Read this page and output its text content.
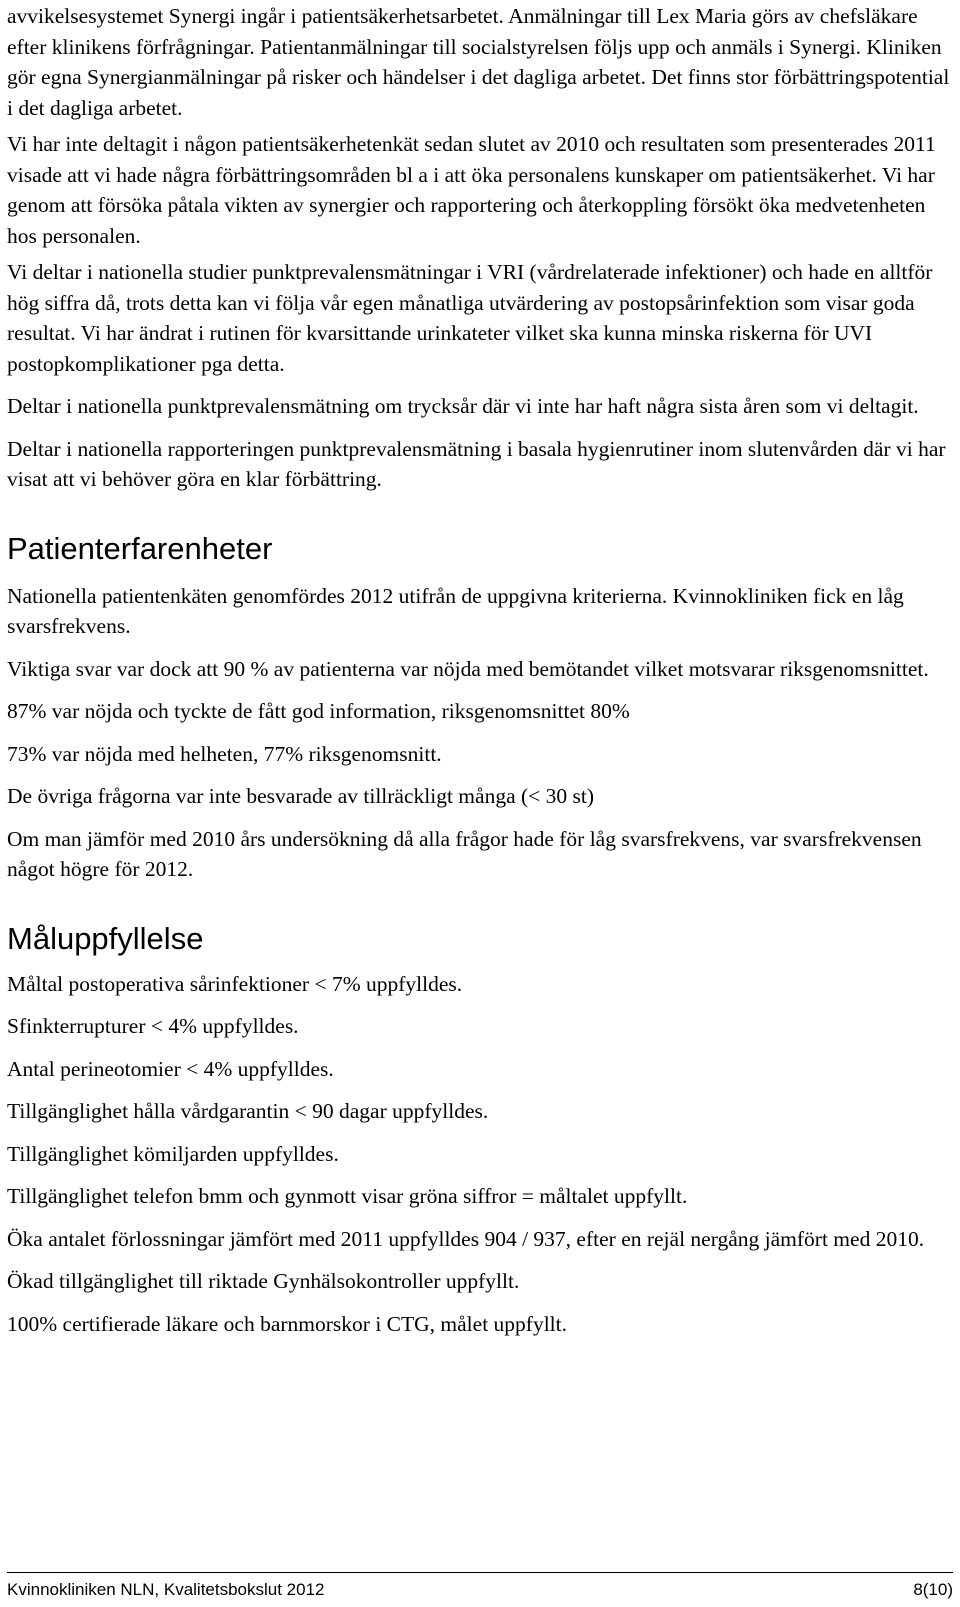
avvikelsesystemet Synergi ingår i patientsäkerhetsarbetet. Anmälningar till Lex Maria görs av chefsläkare efter klinikens förfrågningar. Patientanmälningar till socialstyrelsen följs upp och anmäls i Synergi. Kliniken gör egna Synergianmälningar på risker och händelser i det dagliga arbetet. Det finns stor förbättringspotential i det dagliga arbetet.

Vi har inte deltagit i någon patientsäkerhetenkät sedan slutet av 2010 och resultaten som presenterades 2011 visade att vi hade några förbättringsområden bl a i att öka personalens kunskaper om patientsäkerhet. Vi har genom att försöka påtala vikten av synergier och rapportering och återkoppling försökt öka medvetenheten hos personalen.

Vi deltar i nationella studier punktprevalensmätningar i VRI (vårdrelaterade infektioner) och hade en alltför hög siffra då, trots detta kan vi följa vår egen månatliga utvärdering av postopsårinfektion som visar goda resultat. Vi har ändrat i rutinen för kvarsittande urinkateter vilket ska kunna minska riskerna för UVI postopkomplikationer pga detta.

Deltar i nationella punktprevalensmätning om trycksår där vi inte har haft några sista åren som vi deltagit.

Deltar i nationella rapporteringen punktprevalensmätning i basala hygienrutiner inom slutenvården där vi har visat att vi behöver göra en klar förbättring.

Patienterfarenheter

Nationella patientenkäten genomfördes 2012 utifrån de uppgivna kriterierna. Kvinnokliniken fick en låg svarsfrekvens.

Viktiga svar var dock att 90 % av patienterna var nöjda med bemötandet vilket motsvarar riksgenomsnittet.

87% var nöjda och tyckte de fått god information, riksgenomsnittet 80%

73% var nöjda med helheten, 77% riksgenomsnitt.

De övriga frågorna var inte besvarade av tillräckligt många (< 30 st)

Om man jämför med 2010 års undersökning då alla frågor hade för låg svarsfrekvens, var svarsfrekvensen något högre för 2012.

Måluppfyllelse

Måltal postoperativa sårinfektioner < 7% uppfylldes.

Sfinkterrupturer < 4% uppfylldes.

Antal perineotomier < 4% uppfylldes.

Tillgänglighet hålla vårdgarantin < 90 dagar uppfylldes.

Tillgänglighet kömiljarden uppfylldes.

Tillgänglighet telefon bmm och gynmott visar gröna siffror = måltalet uppfyllt.

Öka antalet förlossningar jämfört med 2011 uppfylldes 904 / 937, efter en rejäl nergång jämfört med 2010.

Ökad tillgänglighet till riktade Gynhälsokontroller uppfyllt.

100% certifierade läkare och barnmorskor i CTG, målet uppfyllt.

Kvinnokliniken NLN, Kvalitetsbokslut 2012	8(10)
